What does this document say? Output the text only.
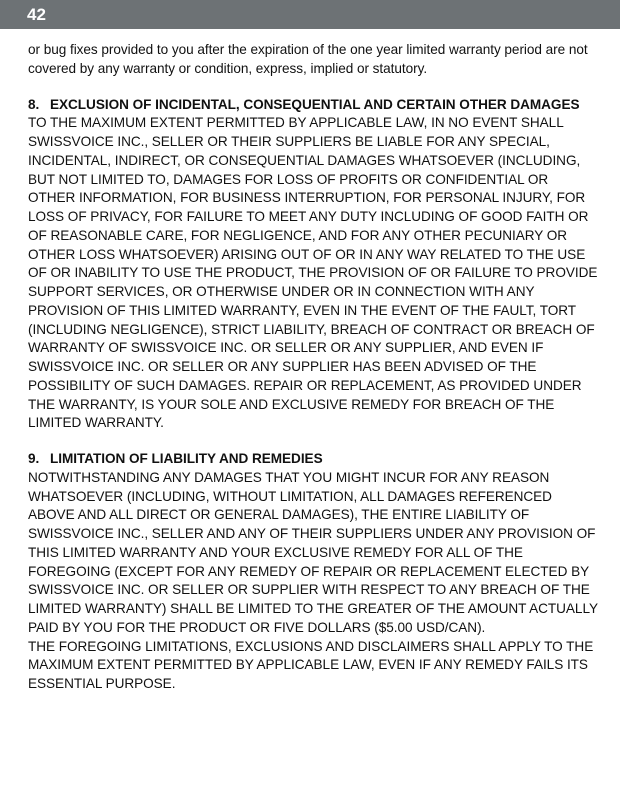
42

or bug fixes provided to you after the expiration of the one year limited warranty period are not covered by any warranty or condition, express, implied or statutory.

8. EXCLUSION OF INCIDENTAL, CONSEQUENTIAL AND CERTAIN OTHER DAMAGES

TO THE MAXIMUM EXTENT PERMITTED BY APPLICABLE LAW, IN NO EVENT SHALL SWISSVOICE INC., SELLER OR THEIR SUPPLIERS BE LIABLE FOR ANY SPECIAL, INCIDENTAL, INDIRECT, OR CONSEQUENTIAL DAMAGES WHATSOEVER (INCLUDING, BUT NOT LIMITED TO, DAMAGES FOR LOSS OF PROFITS OR CONFIDENTIAL OR OTHER INFORMATION, FOR BUSINESS INTERRUPTION, FOR PERSONAL INJURY, FOR LOSS OF PRIVACY, FOR FAILURE TO MEET ANY DUTY INCLUDING OF GOOD FAITH OR OF REASONABLE CARE, FOR NEGLIGENCE, AND FOR ANY OTHER PECUNIARY OR OTHER LOSS WHATSOEVER) ARISING OUT OF OR IN ANY WAY RELATED TO THE USE OF OR INABILITY TO USE THE PRODUCT, THE PROVISION OF OR FAILURE TO PROVIDE SUPPORT SERVICES, OR OTHERWISE UNDER OR IN CONNECTION WITH ANY PROVISION OF THIS LIMITED WARRANTY, EVEN IN THE EVENT OF THE FAULT, TORT (INCLUDING NEGLIGENCE), STRICT LIABILITY, BREACH OF CONTRACT OR BREACH OF WARRANTY OF SWISSVOICE INC. OR SELLER OR ANY SUPPLIER, AND EVEN IF SWISSVOICE INC. OR SELLER OR ANY SUPPLIER HAS BEEN ADVISED OF THE POSSIBILITY OF SUCH DAMAGES. REPAIR OR REPLACEMENT, AS PROVIDED UNDER THE WARRANTY, IS YOUR SOLE AND EXCLUSIVE REMEDY FOR BREACH OF THE LIMITED WARRANTY.

9. LIMITATION OF LIABILITY AND REMEDIES

NOTWITHSTANDING ANY DAMAGES THAT YOU MIGHT INCUR FOR ANY REASON WHATSOEVER (INCLUDING, WITHOUT LIMITATION, ALL DAMAGES REFERENCED ABOVE AND ALL DIRECT OR GENERAL DAMAGES), THE ENTIRE LIABILITY OF SWISSVOICE INC., SELLER AND ANY OF THEIR SUPPLIERS UNDER ANY PROVISION OF THIS LIMITED WARRANTY AND YOUR EXCLUSIVE REMEDY FOR ALL OF THE FOREGOING (EXCEPT FOR ANY REMEDY OF REPAIR OR REPLACEMENT ELECTED BY SWISSVOICE INC. OR SELLER OR SUPPLIER WITH RESPECT TO ANY BREACH OF THE LIMITED WARRANTY) SHALL BE LIMITED TO THE GREATER OF THE AMOUNT ACTUALLY PAID BY YOU FOR THE PRODUCT OR FIVE DOLLARS ($5.00 USD/CAN).

THE FOREGOING LIMITATIONS, EXCLUSIONS AND DISCLAIMERS SHALL APPLY TO THE MAXIMUM EXTENT PERMITTED BY APPLICABLE LAW, EVEN IF ANY REMEDY FAILS ITS ESSENTIAL PURPOSE.
